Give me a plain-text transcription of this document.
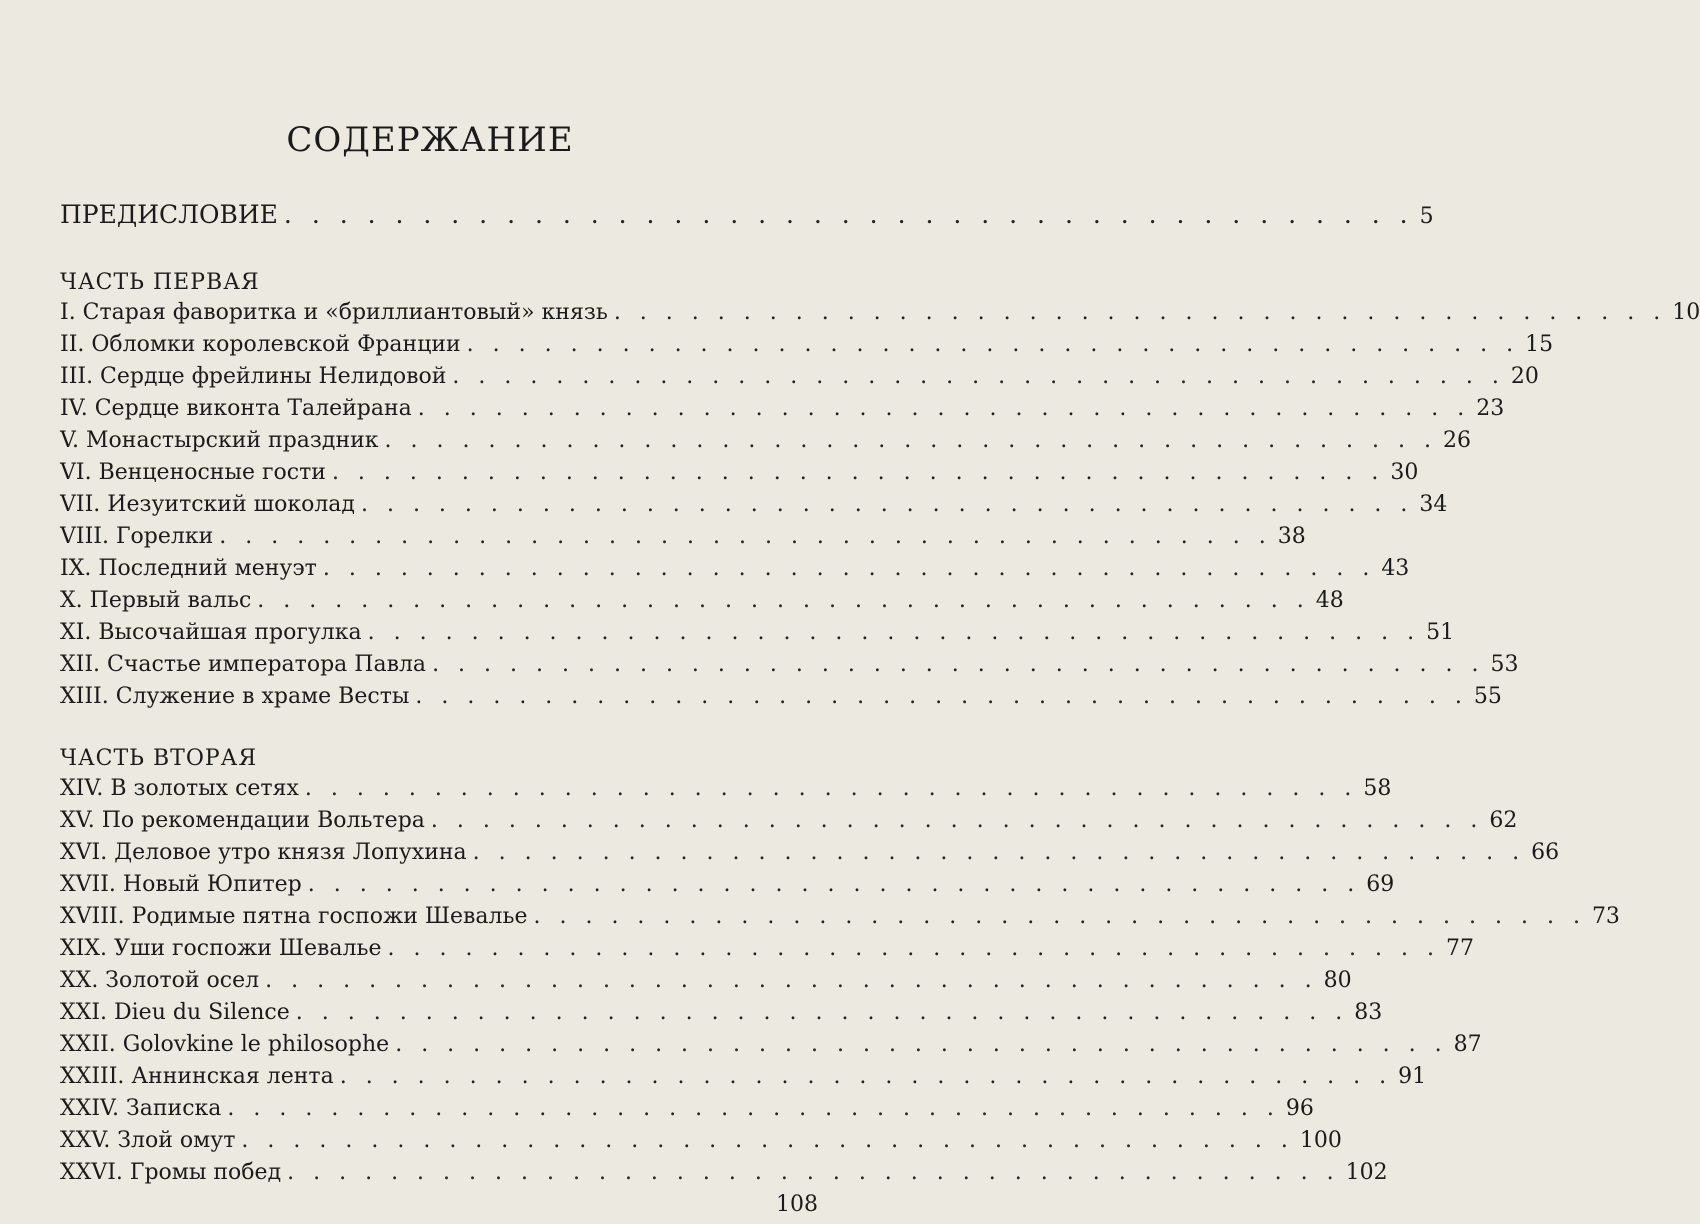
СОДЕРЖАНИЕ
ПРЕДИСЛОВИЕ . . . . . . . . . . . . . . . . . . . . . . . . . . . . . . . . . . . . . . . . . 5
ЧАСТЬ ПЕРВАЯ
I. Старая фаворитка и «бриллиантовый» князь . . . . . . . . . . . . . . . . . . . . . . . . . . . . . . . . . . . . . . . . . 10
II. Обломки королевской Франции . . . . . . . . . . . . . . . . . . . . . . . . . . . . . . . . . . . . . . . . . 15
III. Сердце фрейлины Нелидовой . . . . . . . . . . . . . . . . . . . . . . . . . . . . . . . . . . . . . . . . . 20
IV. Сердце виконта Талейрана . . . . . . . . . . . . . . . . . . . . . . . . . . . . . . . . . . . . . . . . . 23
V. Монастырский праздник . . . . . . . . . . . . . . . . . . . . . . . . . . . . . . . . . . . . . . . . . 26
VI. Венценосные гости . . . . . . . . . . . . . . . . . . . . . . . . . . . . . . . . . . . . . . . . . 30
VII. Иезуитский шоколад . . . . . . . . . . . . . . . . . . . . . . . . . . . . . . . . . . . . . . . . . 34
VIII. Горелки . . . . . . . . . . . . . . . . . . . . . . . . . . . . . . . . . . . . . . . . . 38
IX. Последний менуэт . . . . . . . . . . . . . . . . . . . . . . . . . . . . . . . . . . . . . . . . . 43
X. Первый вальс . . . . . . . . . . . . . . . . . . . . . . . . . . . . . . . . . . . . . . . . . 48
XI. Высочайшая прогулка . . . . . . . . . . . . . . . . . . . . . . . . . . . . . . . . . . . . . . . . . 51
XII. Счастье императора Павла . . . . . . . . . . . . . . . . . . . . . . . . . . . . . . . . . . . . . . . . . 53
XIII. Служение в храме Весты . . . . . . . . . . . . . . . . . . . . . . . . . . . . . . . . . . . . . . . . . 55
ЧАСТЬ ВТОРАЯ
XIV. В золотых сетях . . . . . . . . . . . . . . . . . . . . . . . . . . . . . . . . . . . . . . . . . 58
XV. По рекомендации Вольтера . . . . . . . . . . . . . . . . . . . . . . . . . . . . . . . . . . . . . . . . . 62
XVI. Деловое утро князя Лопухина . . . . . . . . . . . . . . . . . . . . . . . . . . . . . . . . . . . . . . . . . 66
XVII. Новый Юпитер . . . . . . . . . . . . . . . . . . . . . . . . . . . . . . . . . . . . . . . . . 69
XVIII. Родимые пятна госпожи Шевалье . . . . . . . . . . . . . . . . . . . . . . . . . . . . . . . . . . . . . . . . . 73
XIX. Уши госпожи Шевалье . . . . . . . . . . . . . . . . . . . . . . . . . . . . . . . . . . . . . . . . . 77
XX. Золотой осел . . . . . . . . . . . . . . . . . . . . . . . . . . . . . . . . . . . . . . . . . 80
XXI. Dieu du Silence . . . . . . . . . . . . . . . . . . . . . . . . . . . . . . . . . . . . . . . . . 83
XXII. Golovkine le philosophe . . . . . . . . . . . . . . . . . . . . . . . . . . . . . . . . . . . . . . . . . 87
XXIII. Аннинская лента . . . . . . . . . . . . . . . . . . . . . . . . . . . . . . . . . . . . . . . . . 91
XXIV. Записка . . . . . . . . . . . . . . . . . . . . . . . . . . . . . . . . . . . . . . . . . 96
XXV. Злой омут . . . . . . . . . . . . . . . . . . . . . . . . . . . . . . . . . . . . . . . . . 100
XXVI. Громы побед . . . . . . . . . . . . . . . . . . . . . . . . . . . . . . . . . . . . . . . . . 102
108
